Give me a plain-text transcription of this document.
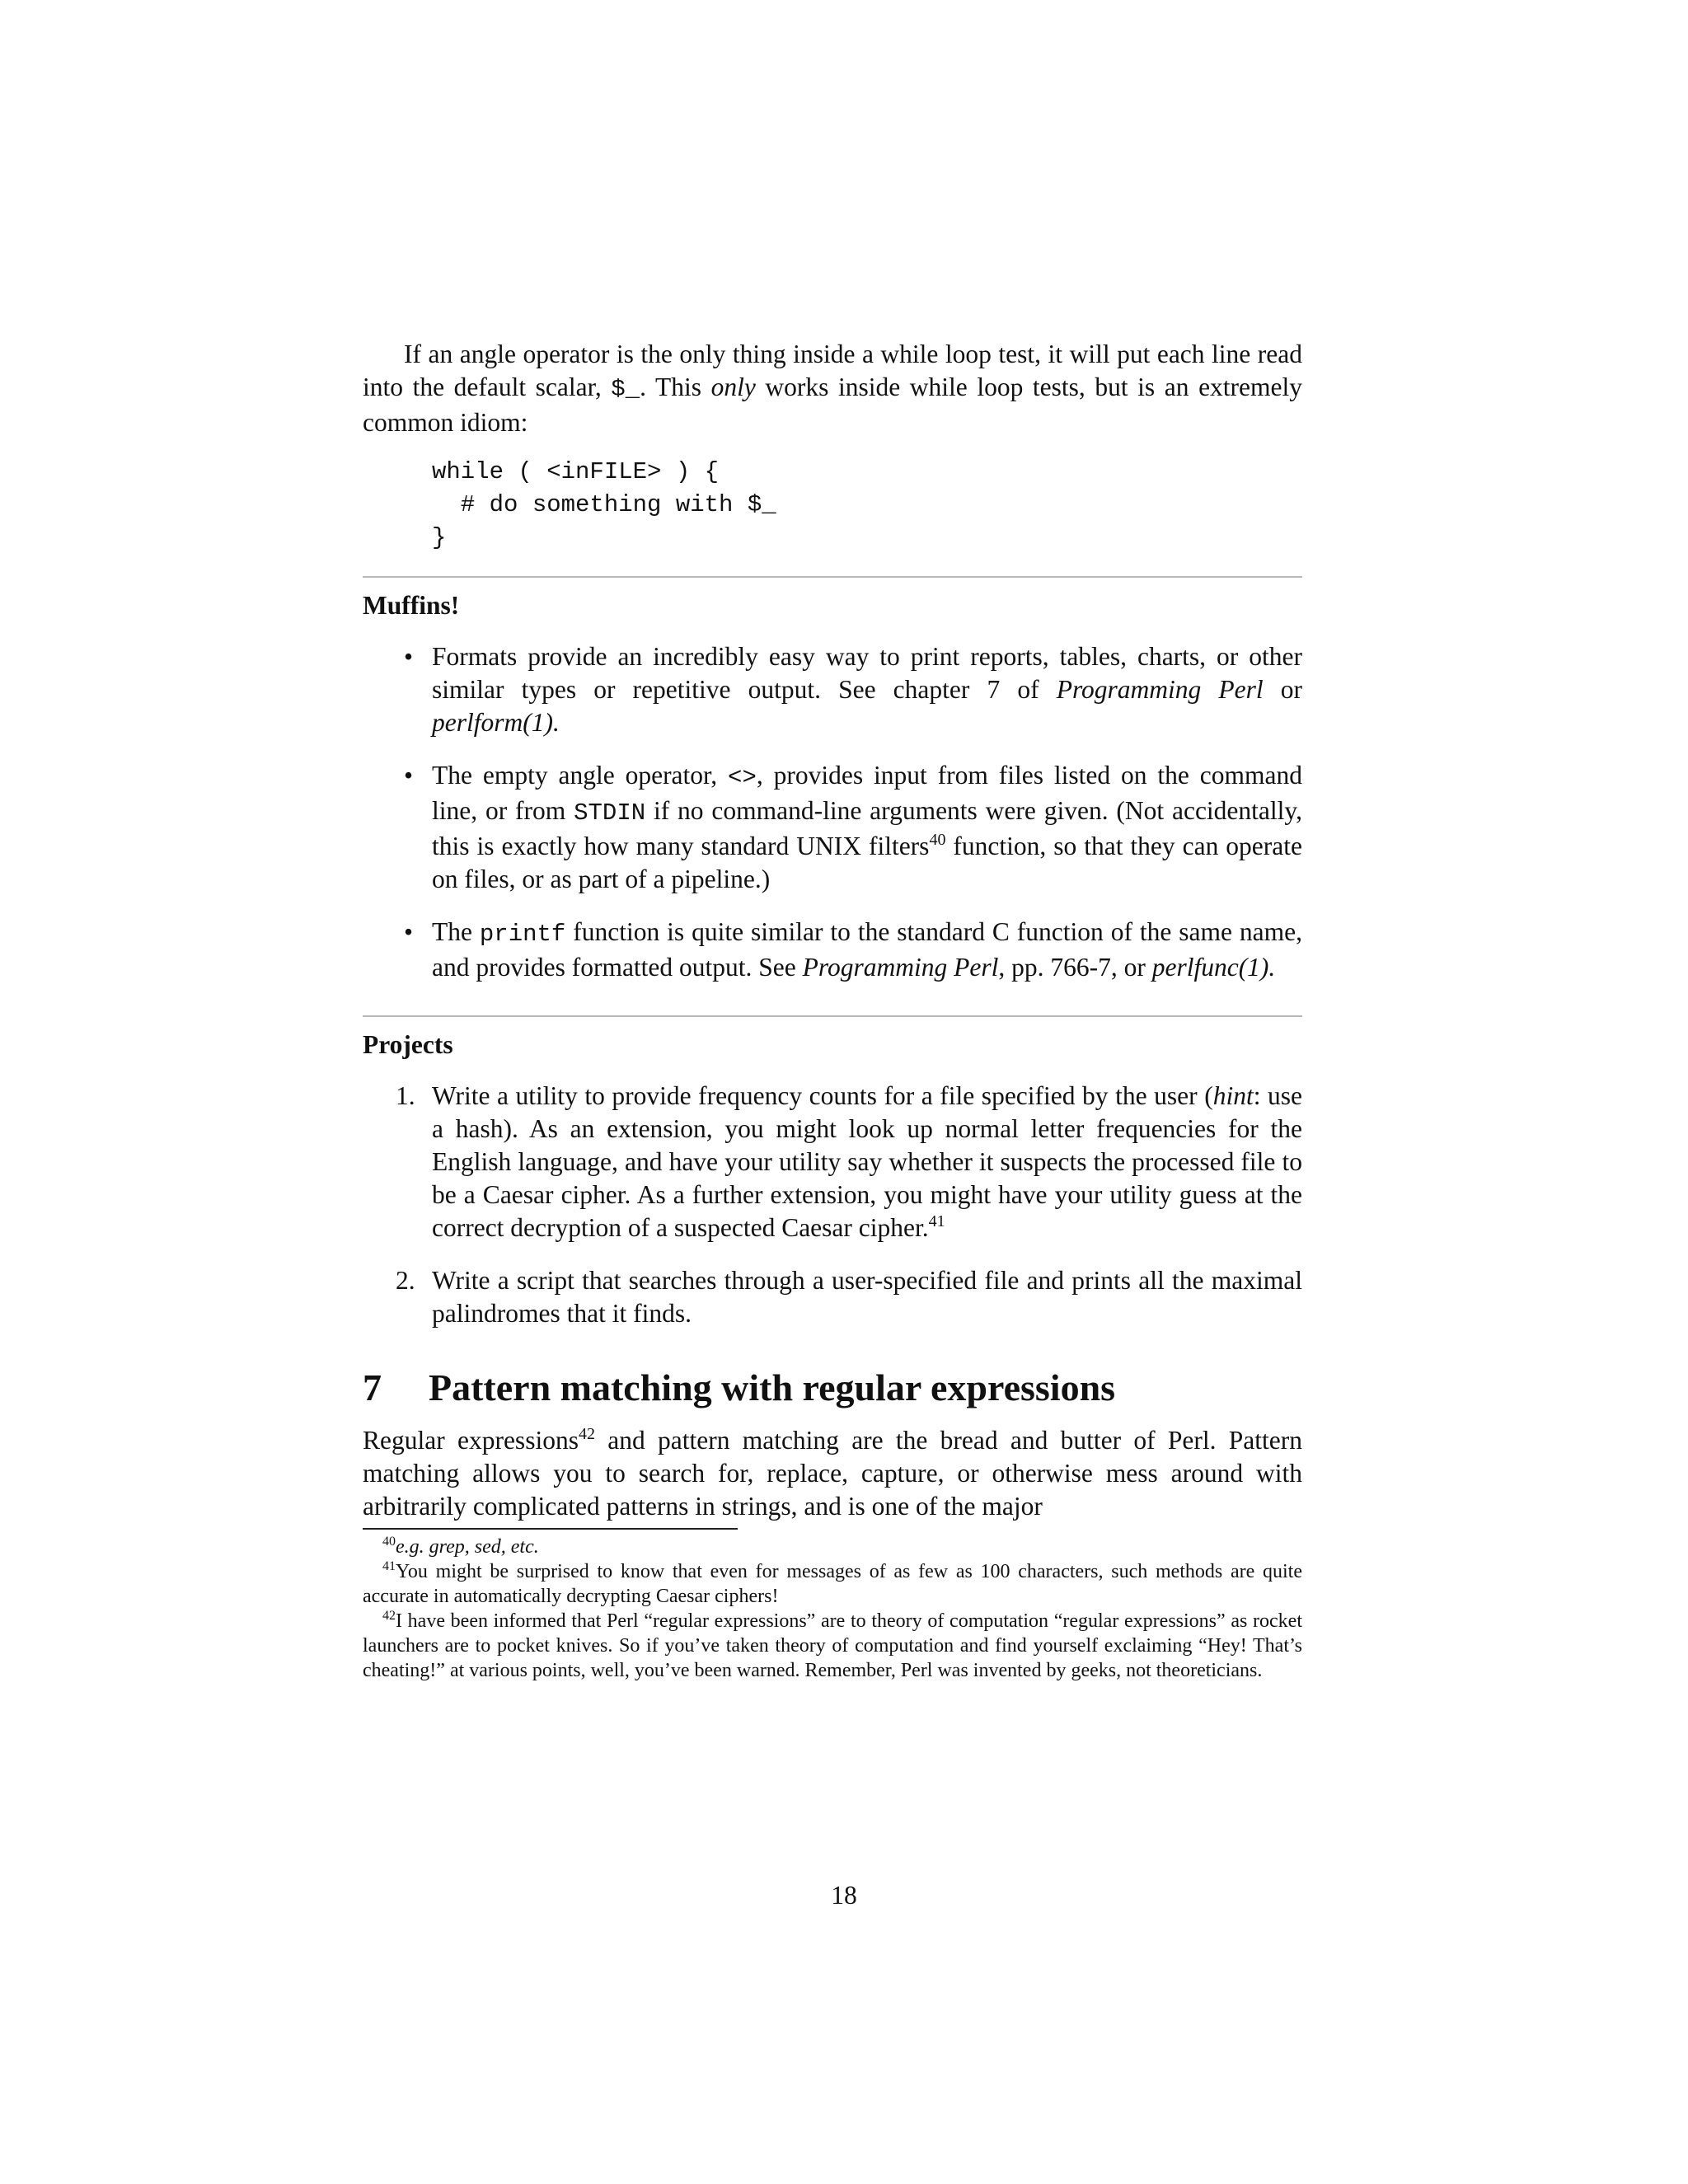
If an angle operator is the only thing inside a while loop test, it will put each line read into the default scalar, $_. This only works inside while loop tests, but is an extremely common idiom:

while ( <inFILE> ) {
# do something with $_
}
Muffins!
• Formats provide an incredibly easy way to print reports, tables, charts, or other similar types or repetitive output. See chapter 7 of Programming Perl or perlform(1).
• The empty angle operator, <>, provides input from files listed on the command line, or from STDIN if no command-line arguments were given. (Not accidentally, this is exactly how many standard UNIX filters$^{40}$ function, so that they can operate on files, or as part of a pipeline.)
• The printf function is quite similar to the standard C function of the same name, and provides formatted output. See Programming Perl, pp. 766-7, or perlfunc(1).
Projects
1. Write a utility to provide frequency counts for a file specified by the user (hint: use a hash). As an extension, you might look up normal letter frequencies for the English language, and have your utility say whether it suspects the processed file to be a Caesar cipher. As a further extension, you might have your utility guess at the correct decryption of a suspected Caesar cipher.$^{41}$
2. Write a script that searches through a user-specified file and prints all the maximal palindromes that it finds.
7 Pattern matching with regular expressions

Regular expressions$^{42}$ and pattern matching are the bread and butter of Perl. Pattern matching allows you to search for, replace, capture, or otherwise mess around with arbitrarily complicated patterns in strings, and is one of the major

$^{40}$e.g. grep, sed, etc.

$^{41}$You might be surprised to know that even for messages of as few as 100 characters, such methods are quite accurate in automatically decrypting Caesar ciphers!

$^{42}$I have been informed that Perl “regular expressions” are to theory of computation “regular expressions” as rocket launchers are to pocket knives. So if you’ve taken theory of computation and find yourself exclaiming “Hey! That’s cheating!” at various points, well, you’ve been warned. Remember, Perl was invented by geeks, not theoreticians.

18
